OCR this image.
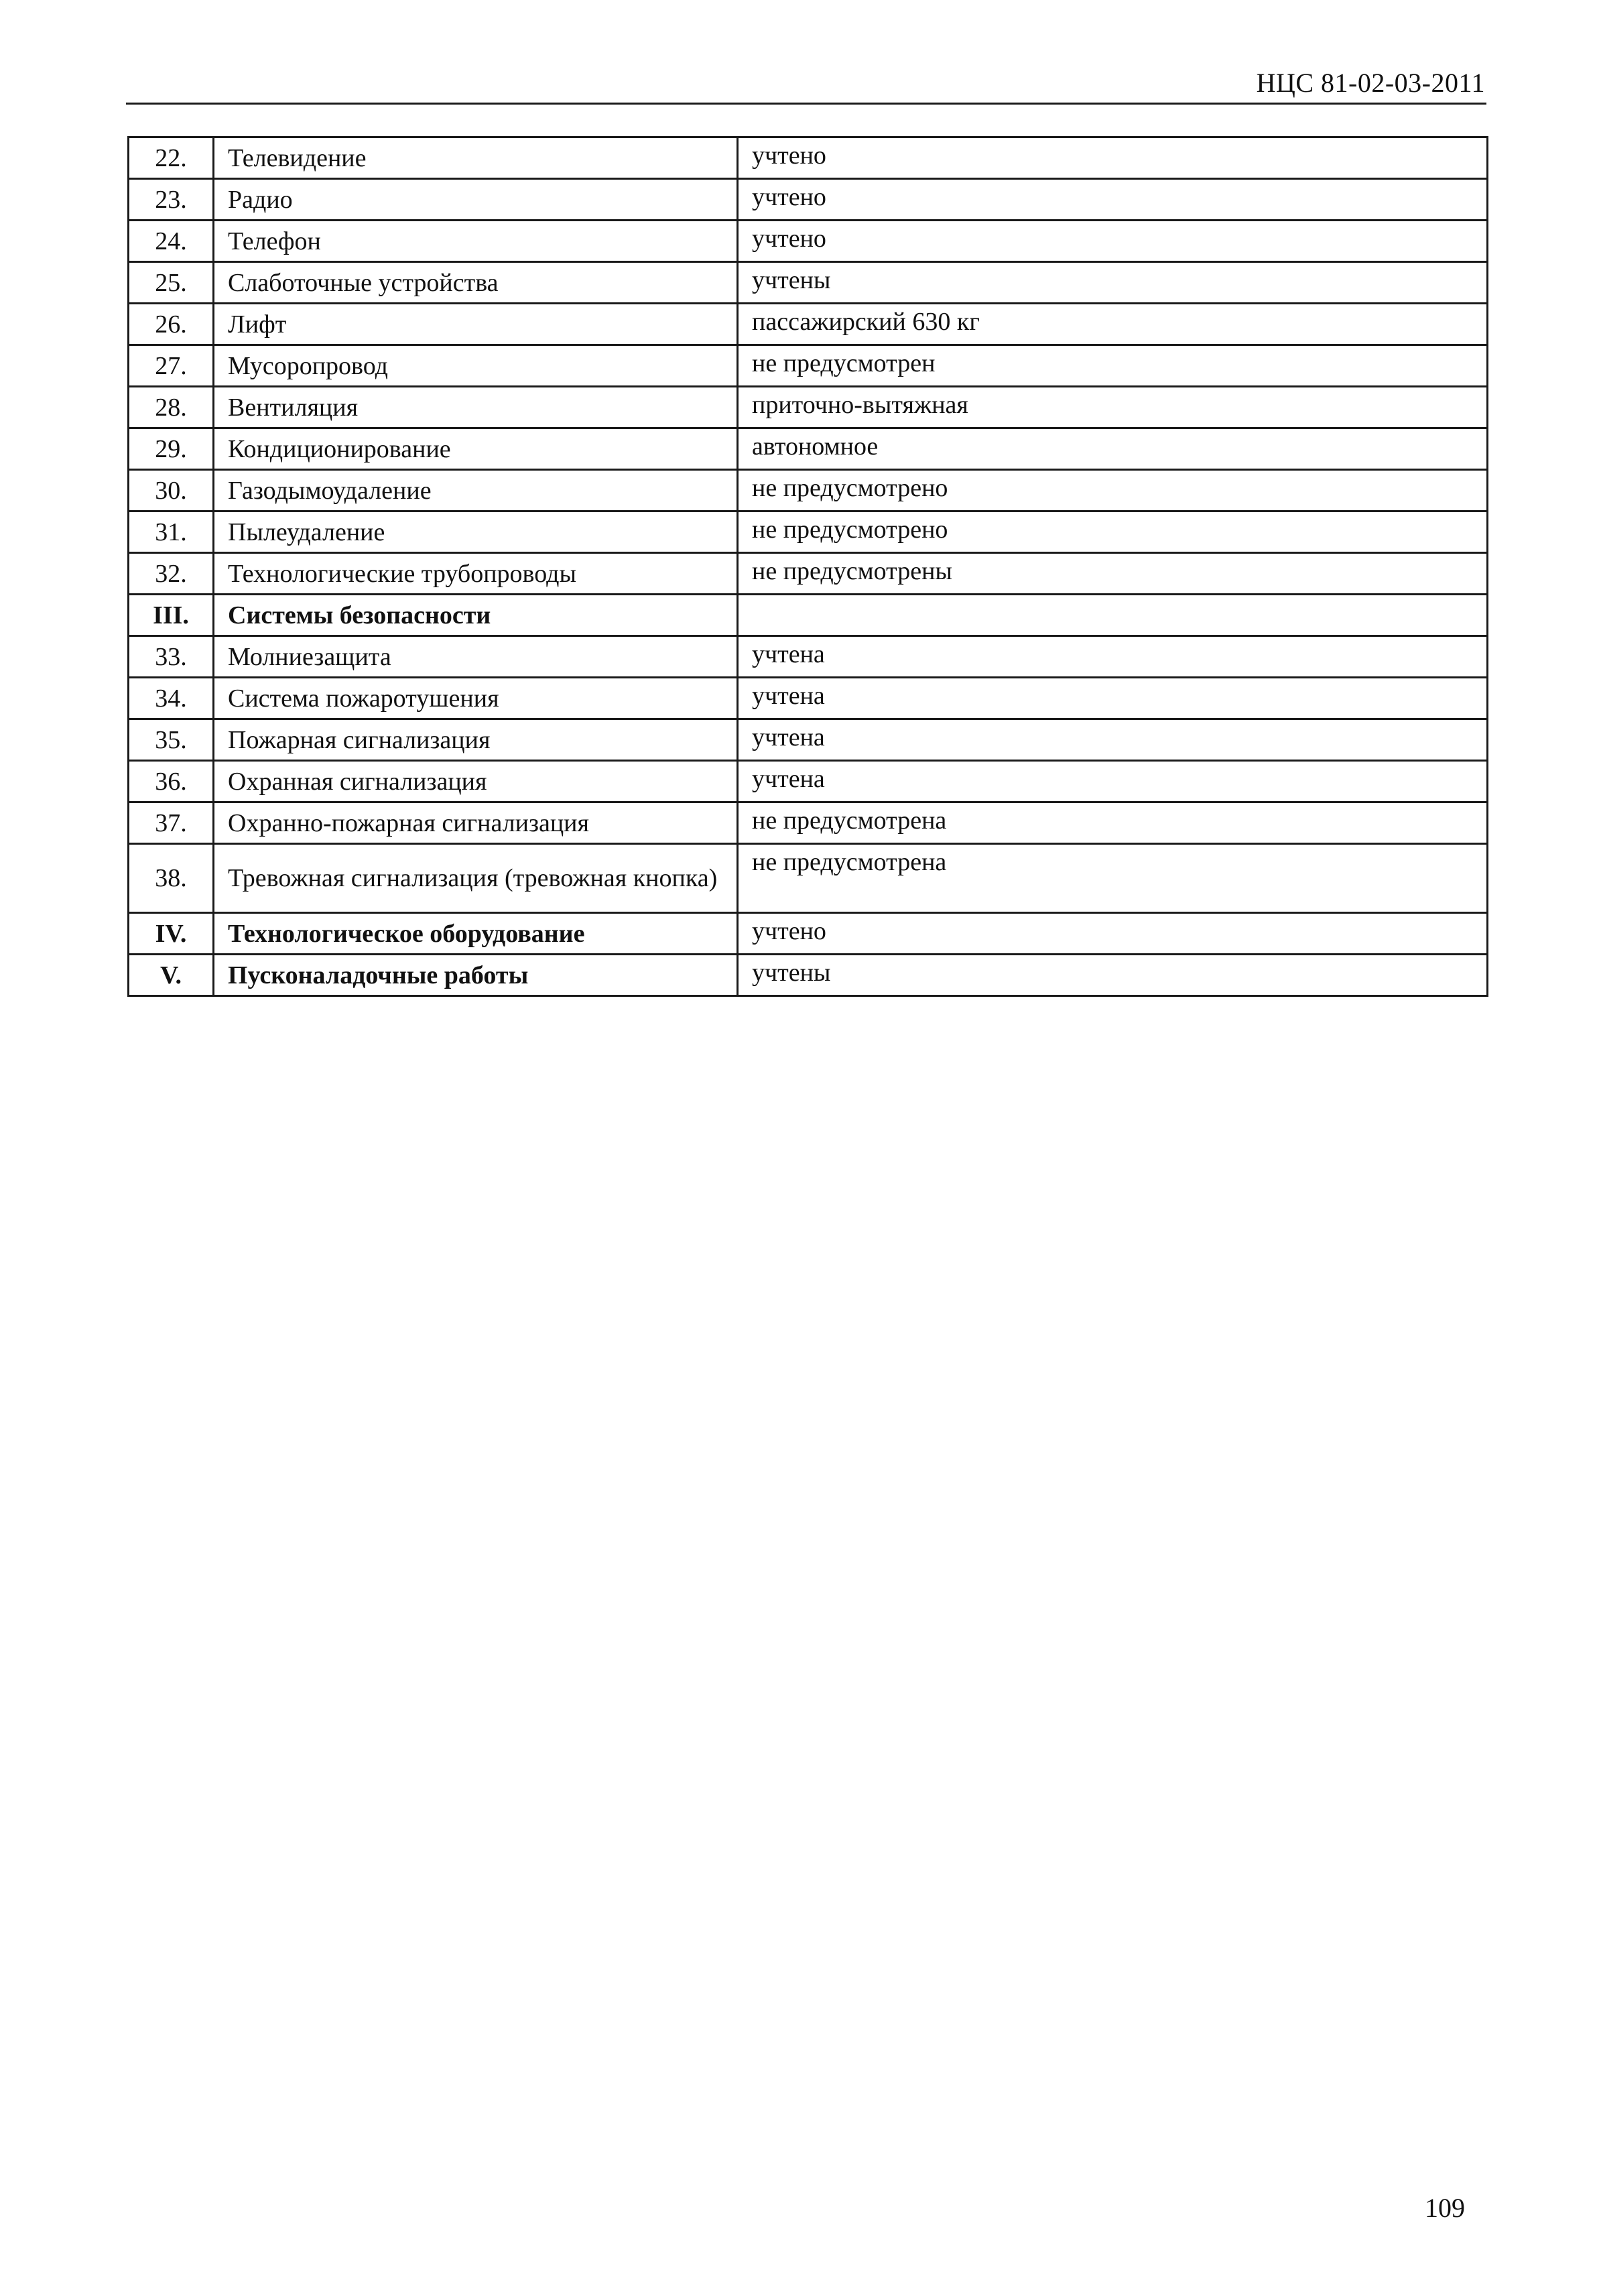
НЦС 81-02-03-2011
22.	Телевидение	учтено
23.	Радио	учтено
24.	Телефон	учтено
25.	Слаботочные устройства	учтены
26.	Лифт	пассажирский 630 кг
27.	Мусоропровод	не предусмотрен
28.	Вентиляция	приточно-вытяжная
29.	Кондиционирование	автономное
30.	Газодымоудаление	не предусмотрено
31.	Пылеудаление	не предусмотрено
32.	Технологические трубопроводы	не предусмотрены
III.	Системы безопасности	
33.	Молниезащита	учтена
34.	Система пожаротушения	учтена
35.	Пожарная сигнализация	учтена
36.	Охранная сигнализация	учтена
37.	Охранно-пожарная сигнализация	не предусмотрена
38.	Тревожная сигнализация (тревожная кнопка)	не предусмотрена
IV.	Технологическое оборудование	учтено
V.	Пусконаладочные работы	учтены
109
